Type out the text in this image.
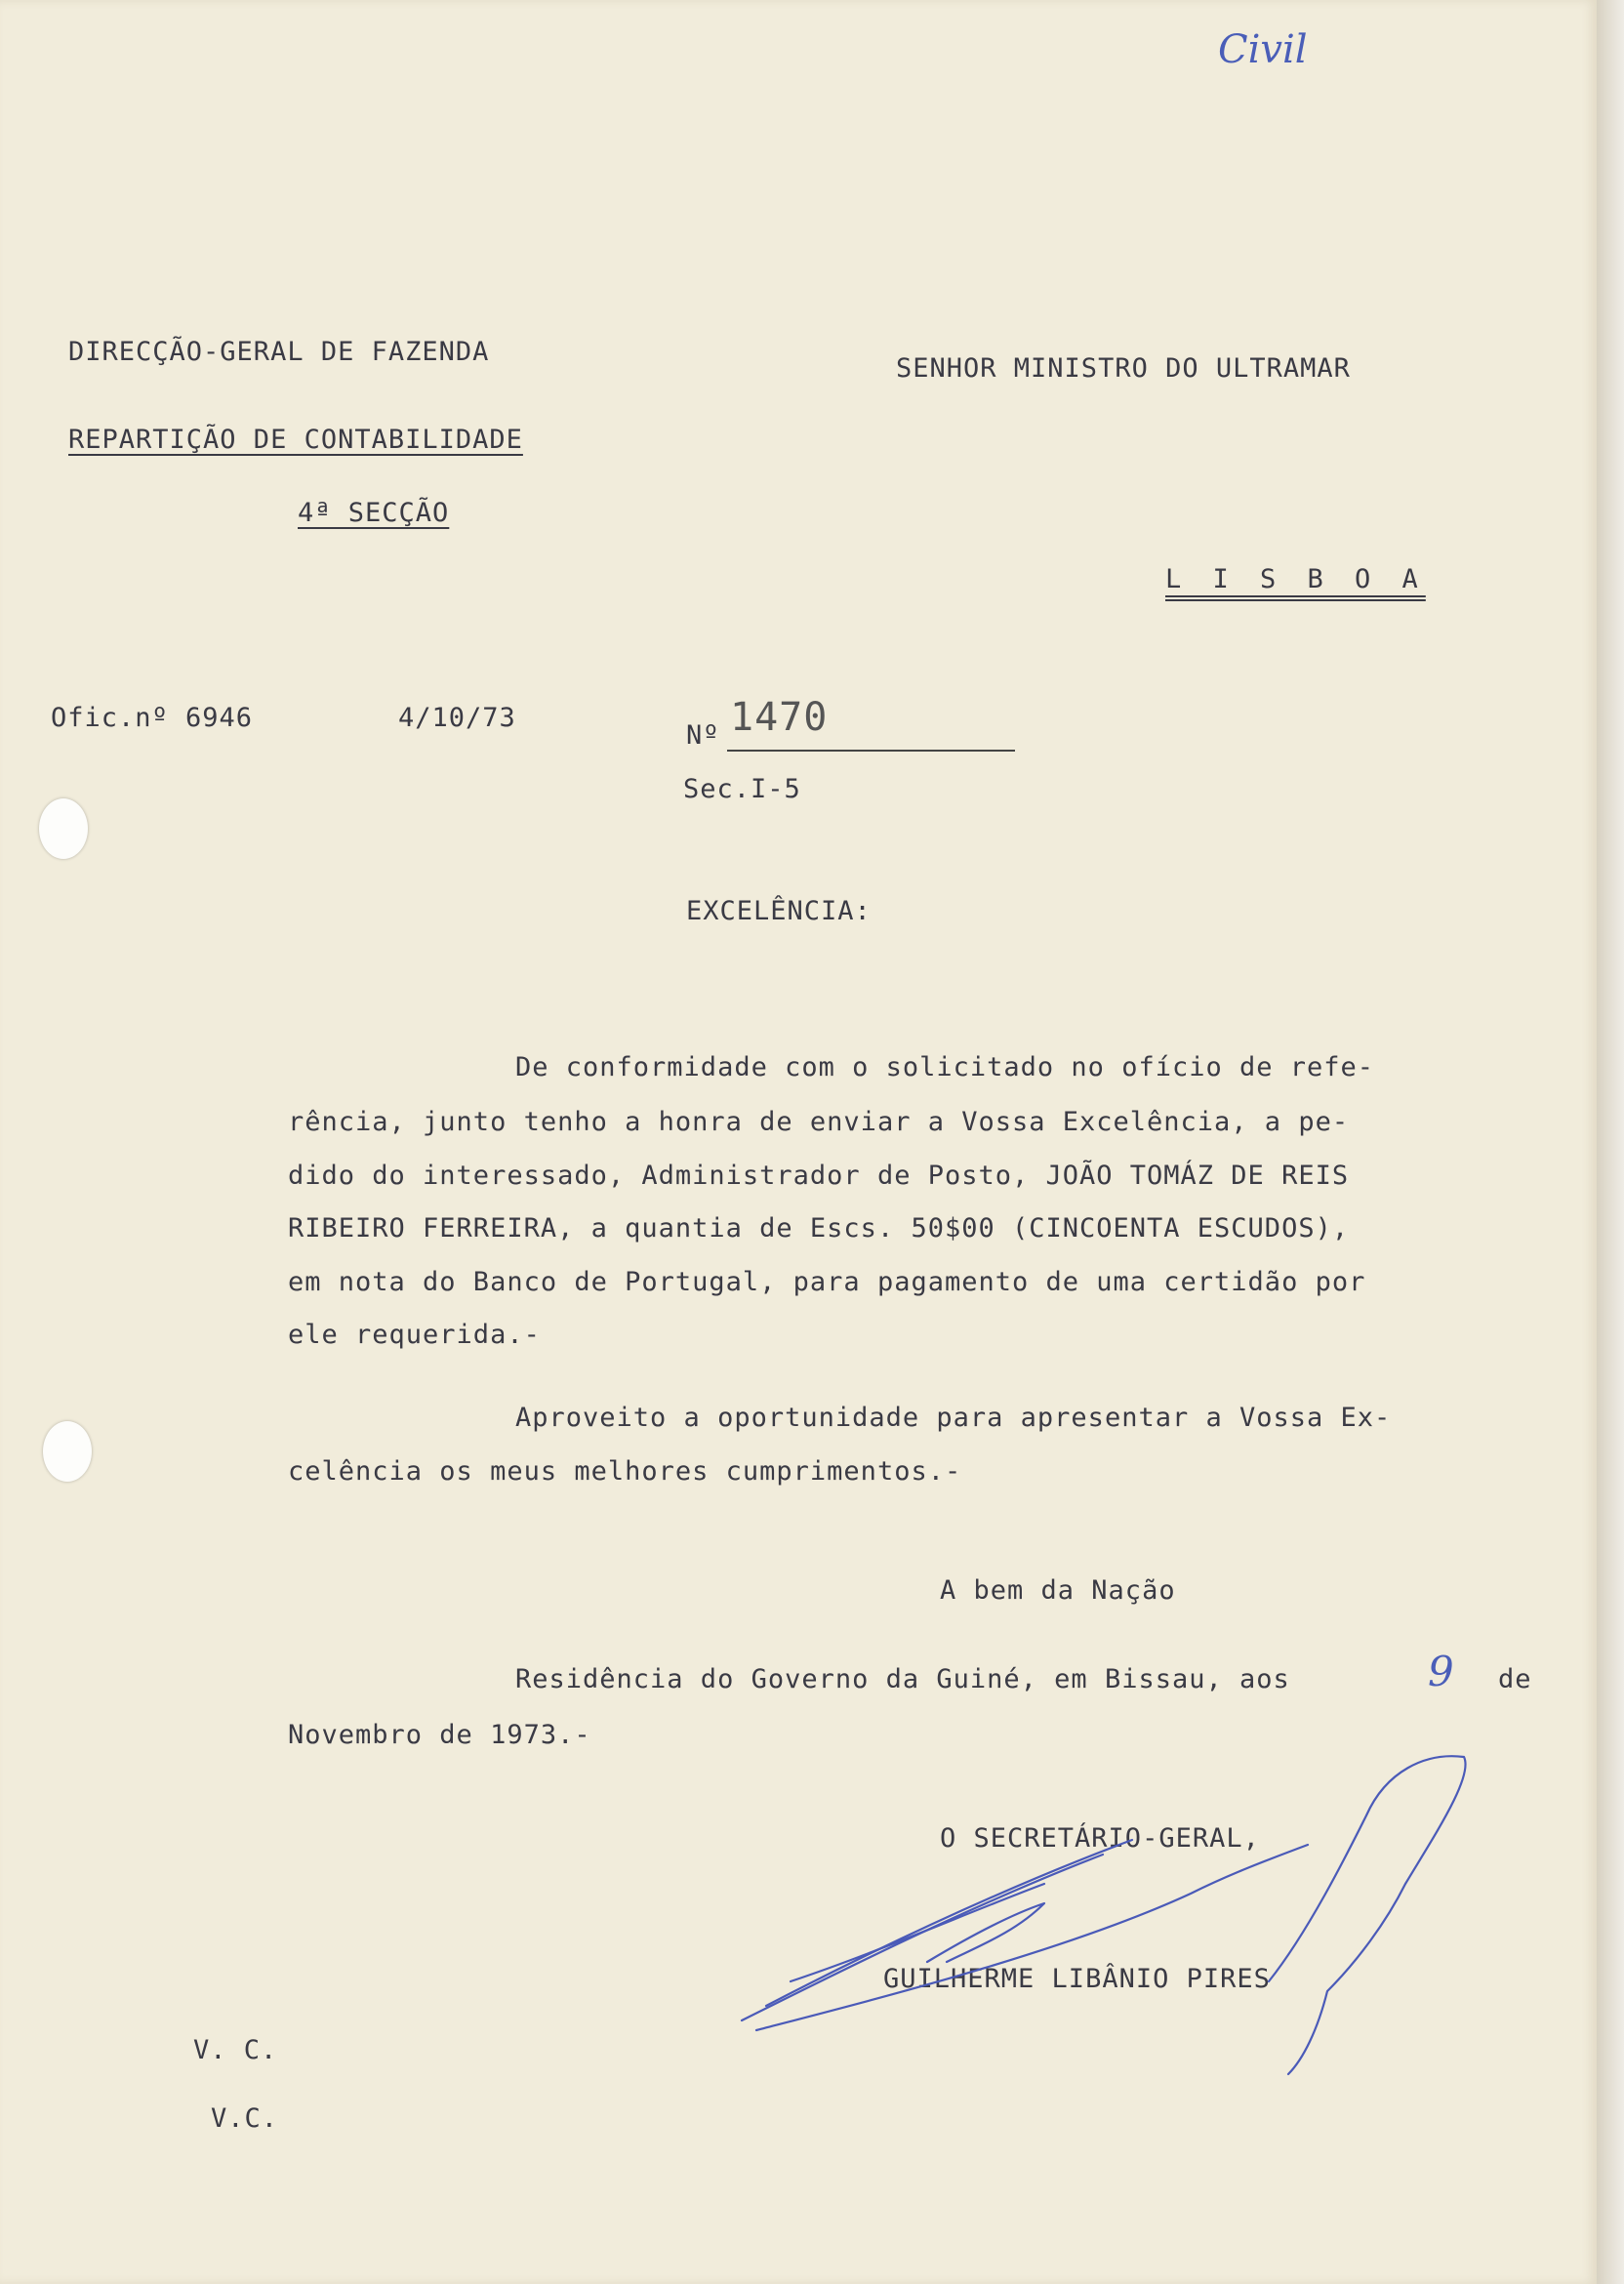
Civil
DIRECÇÃO-GERAL DE FAZENDA
REPARTIÇÃO DE CONTABILIDADE
4ª SECÇÃO
SENHOR MINISTRO DO ULTRAMAR
L I S B O A
Ofic.nº 6946	4/10/73
Nº 1470
Sec.I-5
EXCELÊNCIA:
De conformidade com o solicitado no ofício de refe-
rência, junto tenho a honra de enviar a Vossa Excelência, a pe-
dido do interessado, Administrador de Posto, JOÃO TOMÁZ DE REIS
RIBEIRO FERREIRA, a quantia de Escs. 50$00 (CINCOENTA ESCUDOS),
em nota do Banco de Portugal, para pagamento de uma certidão por
ele requerida.-
Aproveito a oportunidade para apresentar a Vossa Ex-
celência os meus melhores cumprimentos.-
A bem da Nação
Residência do Governo da Guiné, em Bissau, aos	9 de
Novembro de 1973.-
O SECRETÁRIO-GERAL,
GUILHERME LIBÂNIO PIRES
V. C.
V.C.
